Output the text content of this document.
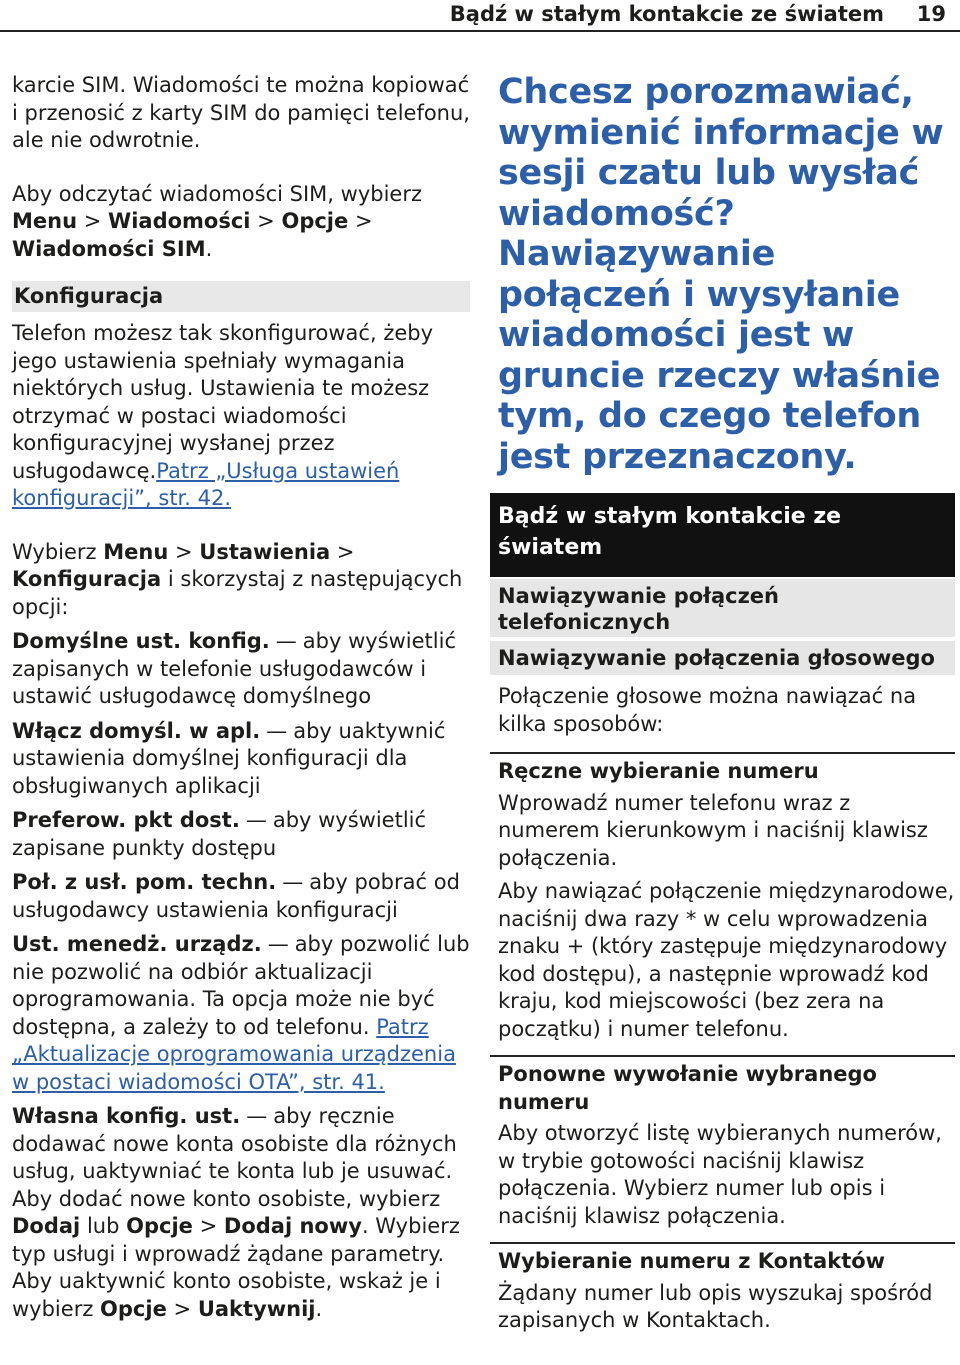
Bądź w stałym kontakcie ze światem 19

karcie SIM. Wiadomości te można kopiować i przenosić z karty SIM do pamięci telefonu, ale nie odwrotnie.

Aby odczytać wiadomości SIM, wybierz Menu > Wiadomości > Opcje > Wiadomości SIM.

Konfiguracja

Telefon możesz tak skonfigurować, żeby jego ustawienia spełniały wymagania niektórych usług. Ustawienia te możesz otrzymać w postaci wiadomości konfiguracyjnej wysłanej przez usługodawcę.Patrz „Usługa ustawień konfiguracji”, str. 42.

Wybierz Menu > Ustawienia > Konfiguracja i skorzystaj z następujących opcji:

Domyślne ust. konfig. — aby wyświetlić zapisanych w telefonie usługodawców i ustawić usługodawcę domyślnego

Włącz domyśl. w apl. — aby uaktywnić ustawienia domyślnej konfiguracji dla obsługiwanych aplikacji

Preferow. pkt dost. — aby wyświetlić zapisane punkty dostępu

Poł. z usł. pom. techn. — aby pobrać od usługodawcy ustawienia konfiguracji

Ust. menedż. urządz. — aby pozwolić lub nie pozwolić na odbiór aktualizacji oprogramowania. Ta opcja może nie być dostępna, a zależy to od telefonu. Patrz „Aktualizacje oprogramowania urządzenia w postaci wiadomości OTA”, str. 41.

Własna konfig. ust. — aby ręcznie dodawać nowe konta osobiste dla różnych usług, uaktywniać te konta lub je usuwać. Aby dodać nowe konto osobiste, wybierz Dodaj lub Opcje > Dodaj nowy. Wybierz typ usługi i wprowadź żądane parametry. Aby uaktywnić konto osobiste, wskaż je i wybierz Opcje > Uaktywnij.

Chcesz porozmawiać, wymienić informacje w sesji czatu lub wysłać wiadomość? Nawiązywanie połączeń i wysyłanie wiadomości jest w gruncie rzeczy właśnie tym, do czego telefon jest przeznaczony.
Bądź w stałym kontakcie ze światem
Nawiązywanie połączeń telefonicznych
Nawiązywanie połączenia głosowego

Połączenie głosowe można nawiązać na kilka sposobów:

Ręczne wybieranie numeru

Wprowadź numer telefonu wraz z numerem kierunkowym i naciśnij klawisz połączenia.

Aby nawiązać połączenie międzynarodowe, naciśnij dwa razy * w celu wprowadzenia znaku + (który zastępuje międzynarodowy kod dostępu), a następnie wprowadź kod kraju, kod miejscowości (bez zera na początku) i numer telefonu.

Ponowne wywołanie wybranego numeru

Aby otworzyć listę wybieranych numerów, w trybie gotowości naciśnij klawisz połączenia. Wybierz numer lub opis i naciśnij klawisz połączenia.

Wybieranie numeru z Kontaktów

Żądany numer lub opis wyszukaj spośród zapisanych w Kontaktach.
